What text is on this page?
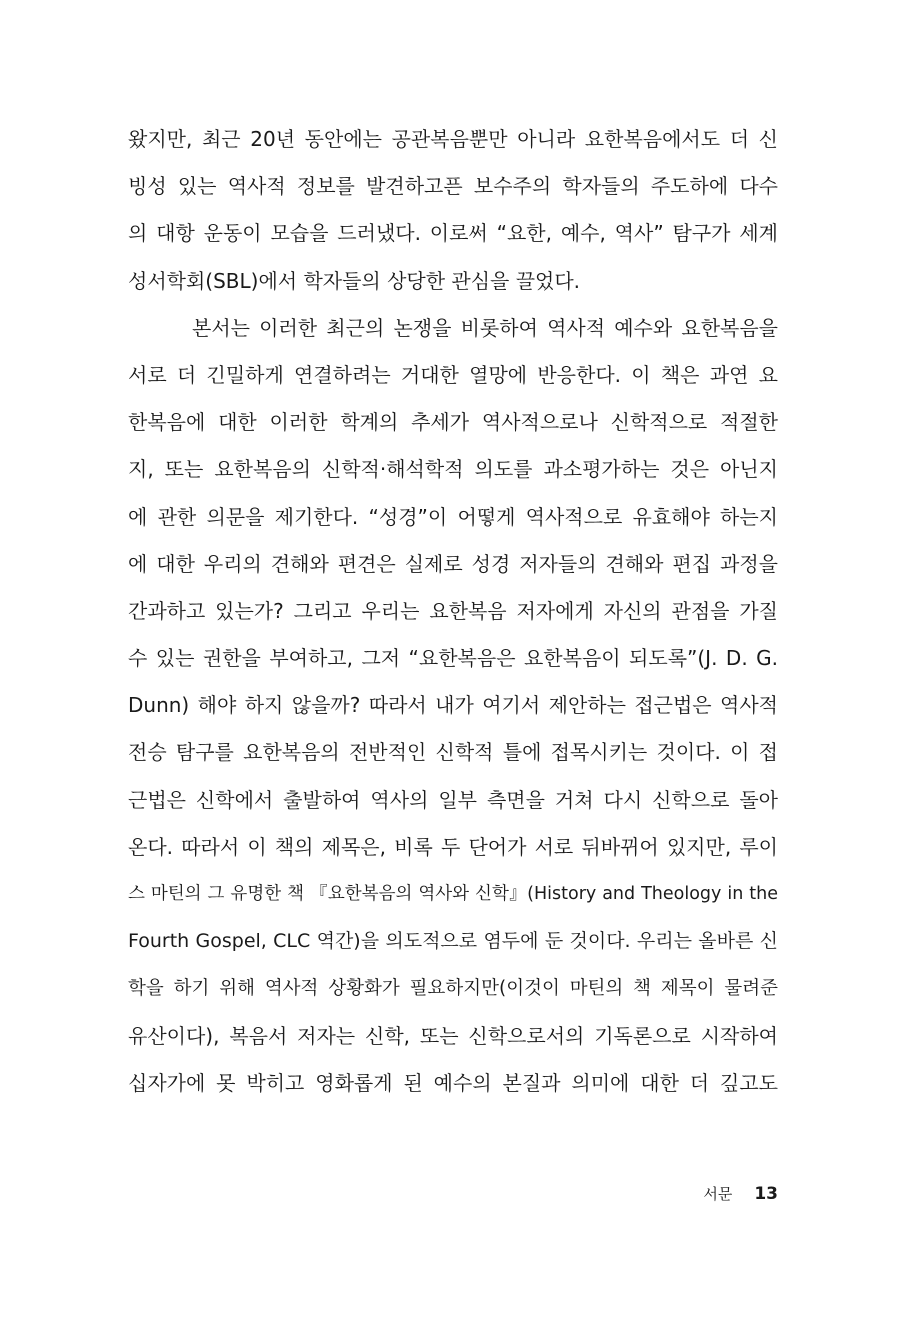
왔지만, 최근 20년 동안에는 공관복음뿐만 아니라 요한복음에서도 더 신
빙성 있는 역사적 정보를 발견하고픈 보수주의 학자들의 주도하에 다수
의 대항 운동이 모습을 드러냈다. 이로써 “요한, 예수, 역사” 탐구가 세계
성서학회(SBL)에서 학자들의 상당한 관심을 끌었다.
본서는 이러한 최근의 논쟁을 비롯하여 역사적 예수와 요한복음을
서로 더 긴밀하게 연결하려는 거대한 열망에 반응한다. 이 책은 과연 요
한복음에 대한 이러한 학계의 추세가 역사적으로나 신학적으로 적절한
지, 또는 요한복음의 신학적·해석학적 의도를 과소평가하는 것은 아닌지
에 관한 의문을 제기한다. “성경”이 어떻게 역사적으로 유효해야 하는지
에 대한 우리의 견해와 편견은 실제로 성경 저자들의 견해와 편집 과정을
간과하고 있는가? 그리고 우리는 요한복음 저자에게 자신의 관점을 가질
수 있는 권한을 부여하고, 그저 “요한복음은 요한복음이 되도록”(J. D. G.
Dunn) 해야 하지 않을까? 따라서 내가 여기서 제안하는 접근법은 역사적
전승 탐구를 요한복음의 전반적인 신학적 틀에 접목시키는 것이다. 이 접
근법은 신학에서 출발하여 역사의 일부 측면을 거쳐 다시 신학으로 돌아
온다. 따라서 이 책의 제목은, 비록 두 단어가 서로 뒤바뀌어 있지만, 루이
스 마틴의 그 유명한 책 『요한복음의 역사와 신학』(History and Theology in the
Fourth Gospel, CLC 역간)을 의도적으로 염두에 둔 것이다. 우리는 올바른 신
학을 하기 위해 역사적 상황화가 필요하지만(이것이 마틴의 책 제목이 물려준
유산이다), 복음서 저자는 신학, 또는 신학으로서의 기독론으로 시작하여
십자가에 못 박히고 영화롭게 된 예수의 본질과 의미에 대한 더 깊고도
서문 13
